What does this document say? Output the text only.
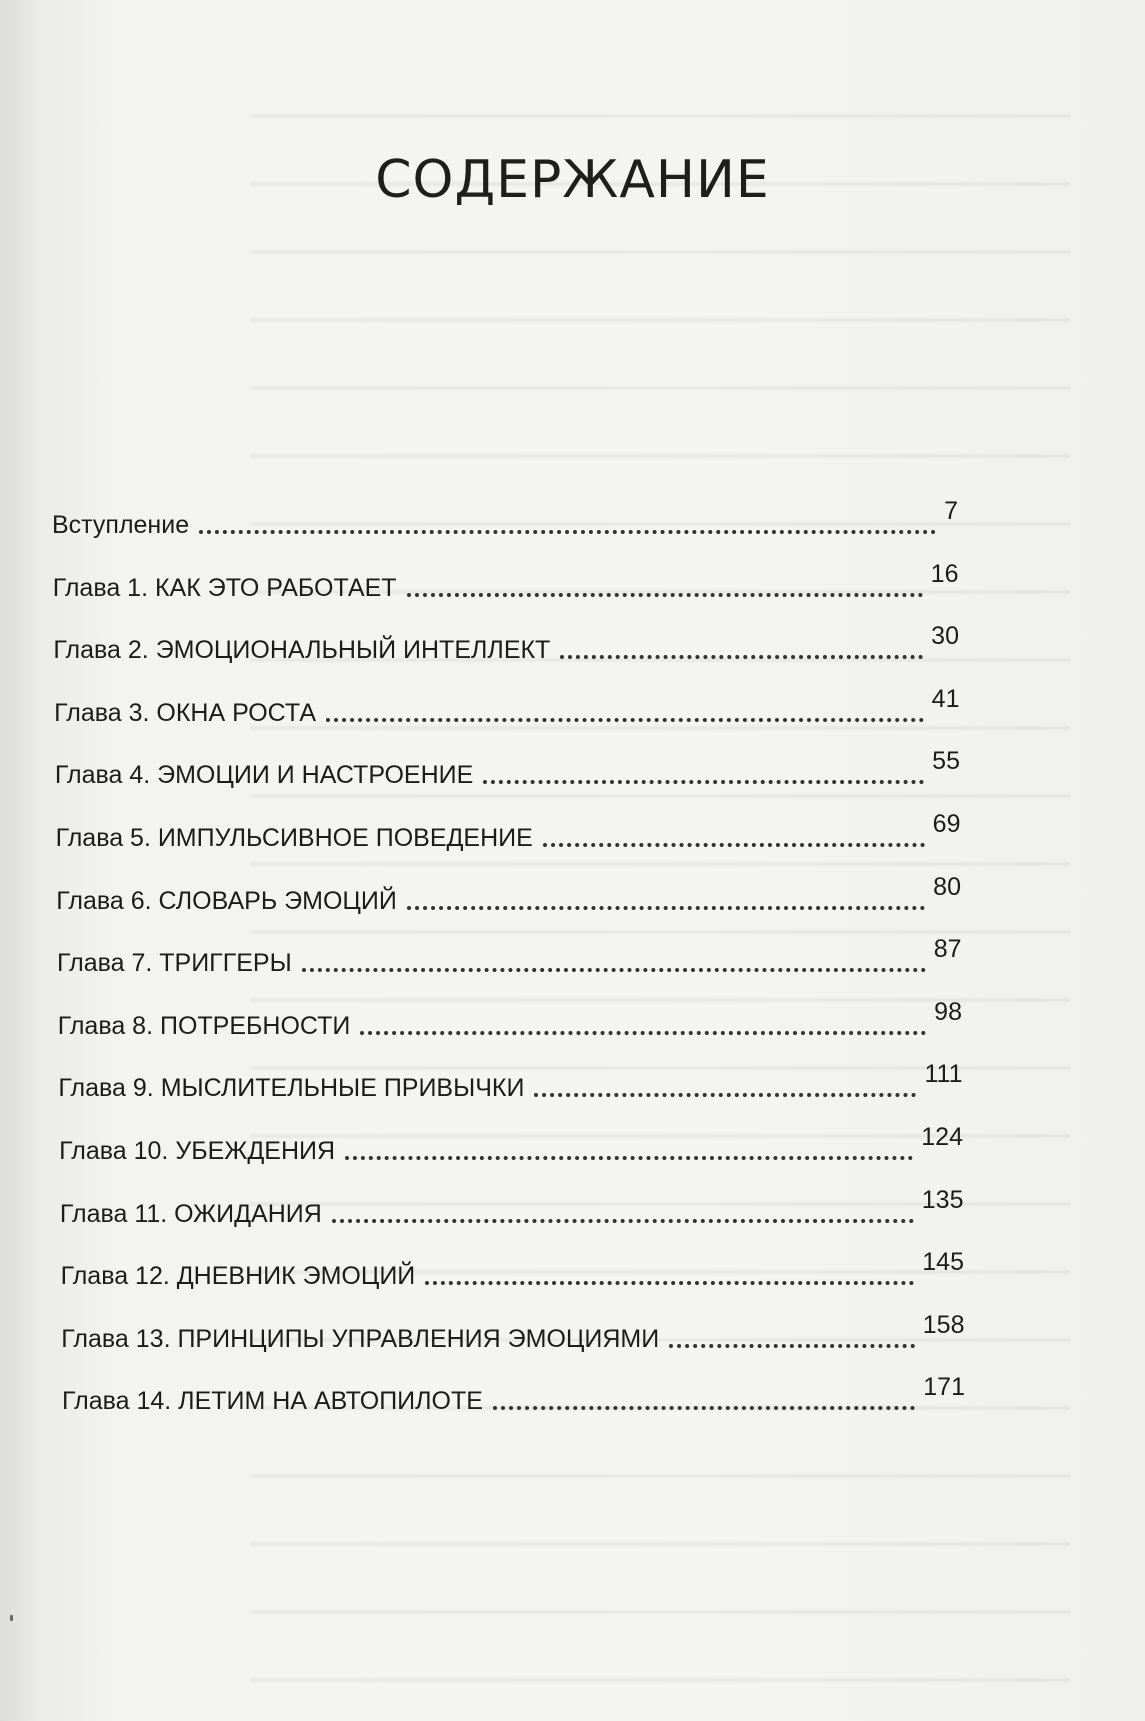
СОДЕРЖАНИЕ
Вступление	7
Глава 1. КАК ЭТО РАБОТАЕТ	16
Глава 2. ЭМОЦИОНАЛЬНЫЙ ИНТЕЛЛЕКТ	30
Глава 3. ОКНА РОСТА	41
Глава 4. ЭМОЦИИ И НАСТРОЕНИЕ	55
Глава 5. ИМПУЛЬСИВНОЕ ПОВЕДЕНИЕ	69
Глава 6. СЛОВАРЬ ЭМОЦИЙ	80
Глава 7. ТРИГГЕРЫ	87
Глава 8. ПОТРЕБНОСТИ	98
Глава 9. МЫСЛИТЕЛЬНЫЕ ПРИВЫЧКИ	111
Глава 10. УБЕЖДЕНИЯ	124
Глава 11. ОЖИДАНИЯ	135
Глава 12. ДНЕВНИК ЭМОЦИЙ	145
Глава 13. ПРИНЦИПЫ УПРАВЛЕНИЯ ЭМОЦИЯМИ	158
Глава 14. ЛЕТИМ НА АВТОПИЛОТЕ	171
